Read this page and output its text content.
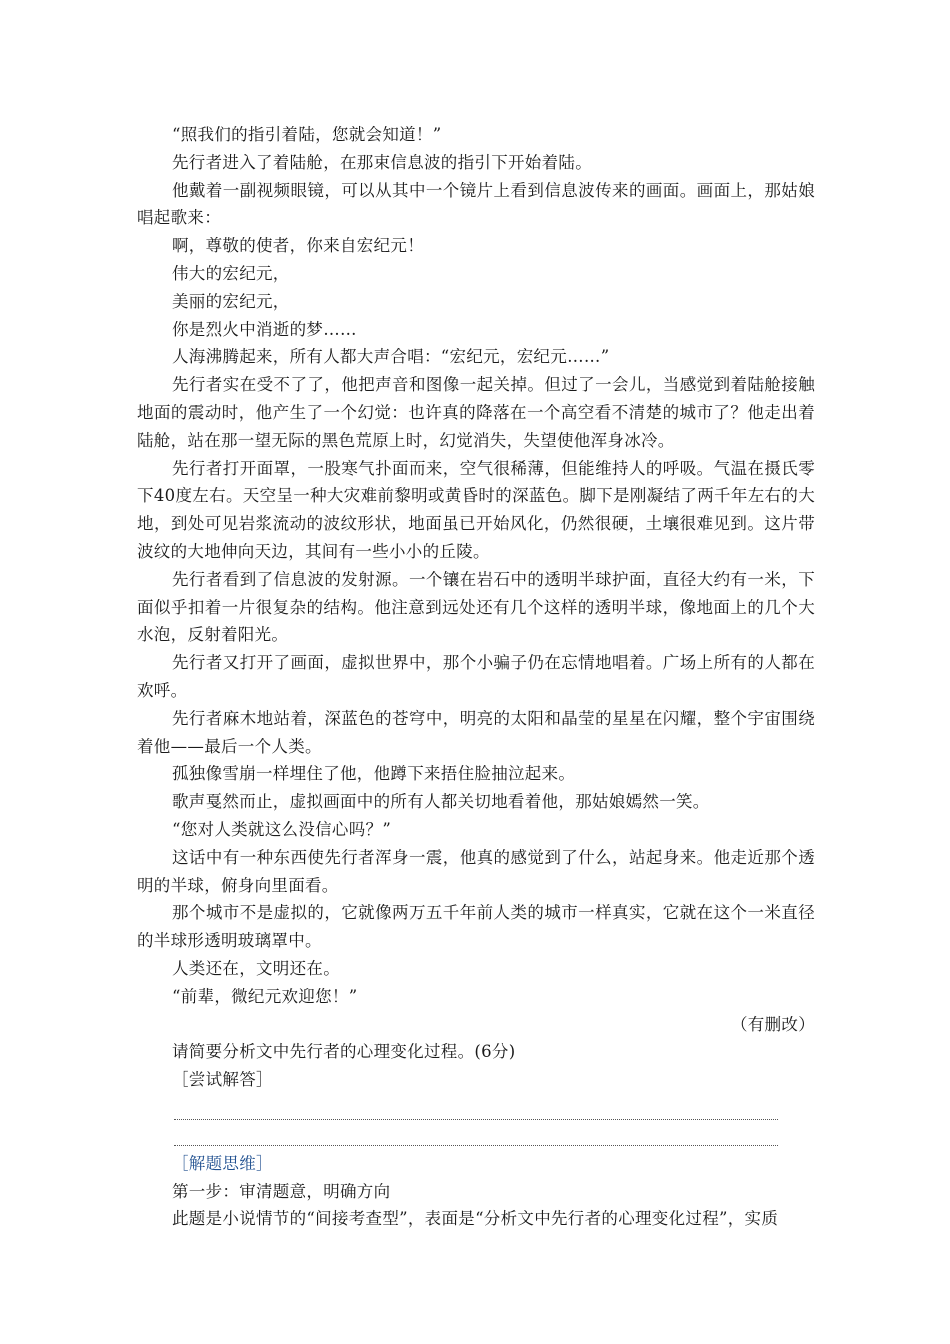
“照我们的指引着陆，您就会知道！”

先行者进入了着陆舱，在那束信息波的指引下开始着陆。

他戴着一副视频眼镜，可以从其中一个镜片上看到信息波传来的画面。画面上，那姑娘唱起歌来：

啊，尊敬的使者，你来自宏纪元！

伟大的宏纪元，

美丽的宏纪元，

你是烈火中消逝的梦……

人海沸腾起来，所有人都大声合唱：“宏纪元，宏纪元……”

先行者实在受不了了，他把声音和图像一起关掉。但过了一会儿，当感觉到着陆舱接触地面的震动时，他产生了一个幻觉：也许真的降落在一个高空看不清楚的城市了？他走出着陆舱，站在那一望无际的黑色荒原上时，幻觉消失，失望使他浑身冰冷。

先行者打开面罩，一股寒气扑面而来，空气很稀薄，但能维持人的呼吸。气温在摄氏零下40度左右。天空呈一种大灾难前黎明或黄昏时的深蓝色。脚下是刚凝结了两千年左右的大地，到处可见岩浆流动的波纹形状，地面虽已开始风化，仍然很硬，土壤很难见到。这片带波纹的大地伸向天边，其间有一些小小的丘陵。

先行者看到了信息波的发射源。一个镶在岩石中的透明半球护面，直径大约有一米，下面似乎扣着一片很复杂的结构。他注意到远处还有几个这样的透明半球，像地面上的几个大水泡，反射着阳光。

先行者又打开了画面，虚拟世界中，那个小骗子仍在忘情地唱着。广场上所有的人都在欢呼。

先行者麻木地站着，深蓝色的苍穹中，明亮的太阳和晶莹的星星在闪耀，整个宇宙围绕着他——最后一个人类。

孤独像雪崩一样埋住了他，他蹲下来捂住脸抽泣起来。

歌声戛然而止，虚拟画面中的所有人都关切地看着他，那姑娘嫣然一笑。

“您对人类就这么没信心吗？”

这话中有一种东西使先行者浑身一震，他真的感觉到了什么，站起身来。他走近那个透明的半球，俯身向里面看。

那个城市不是虚拟的，它就像两万五千年前人类的城市一样真实，它就在这个一米直径的半球形透明玻璃罩中。

人类还在，文明还在。

“前辈，微纪元欢迎您！”

（有删改）

请简要分析文中先行者的心理变化过程。(6分)

［尝试解答］

［解题思维］

第一步：审清题意，明确方向

此题是小说情节的“间接考查型”，表面是“分析文中先行者的心理变化过程”，实质
